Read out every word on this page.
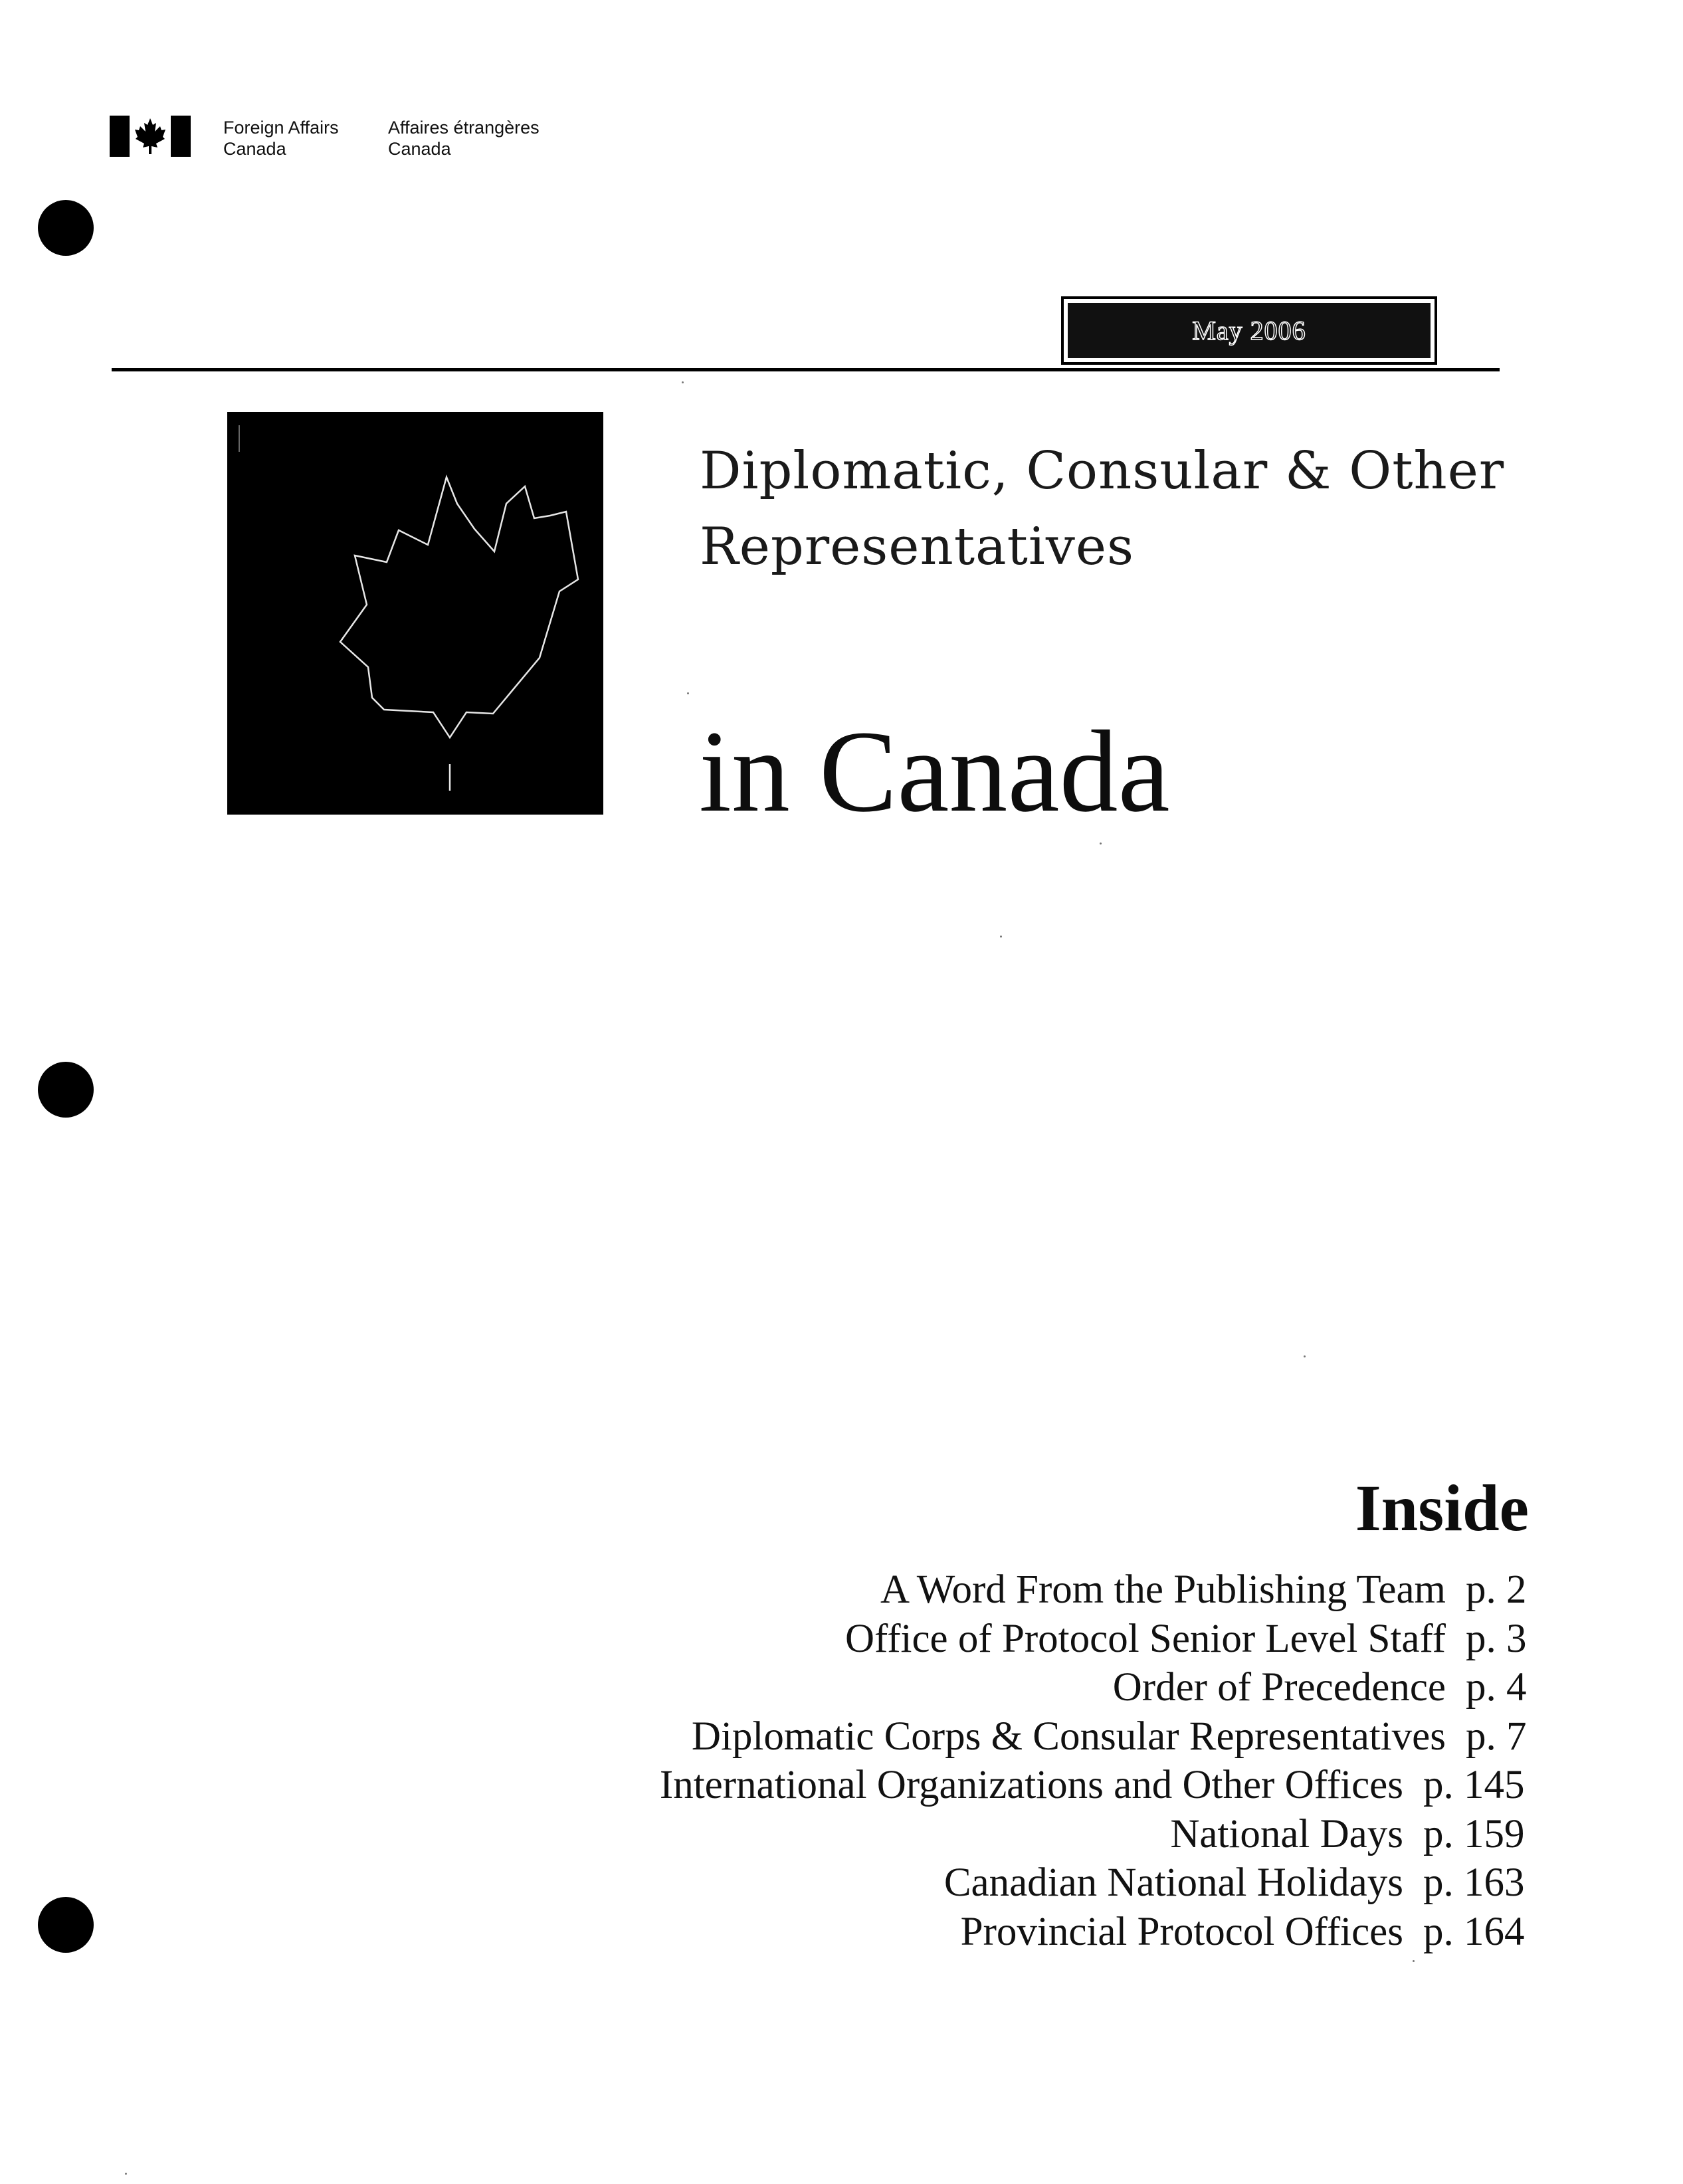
Foreign Affairs
Canada
Affaires étrangères
Canada
May 2006
Diplomatic, Consular & Other
Representatives
in Canada
Inside
A Word From the Publishing Team p. 2
Office of Protocol Senior Level Staff p. 3
Order of Precedence p. 4
Diplomatic Corps & Consular Representatives p. 7
International Organizations and Other Offices p. 145
National Days p. 159
Canadian National Holidays p. 163
Provincial Protocol Offices p. 164
